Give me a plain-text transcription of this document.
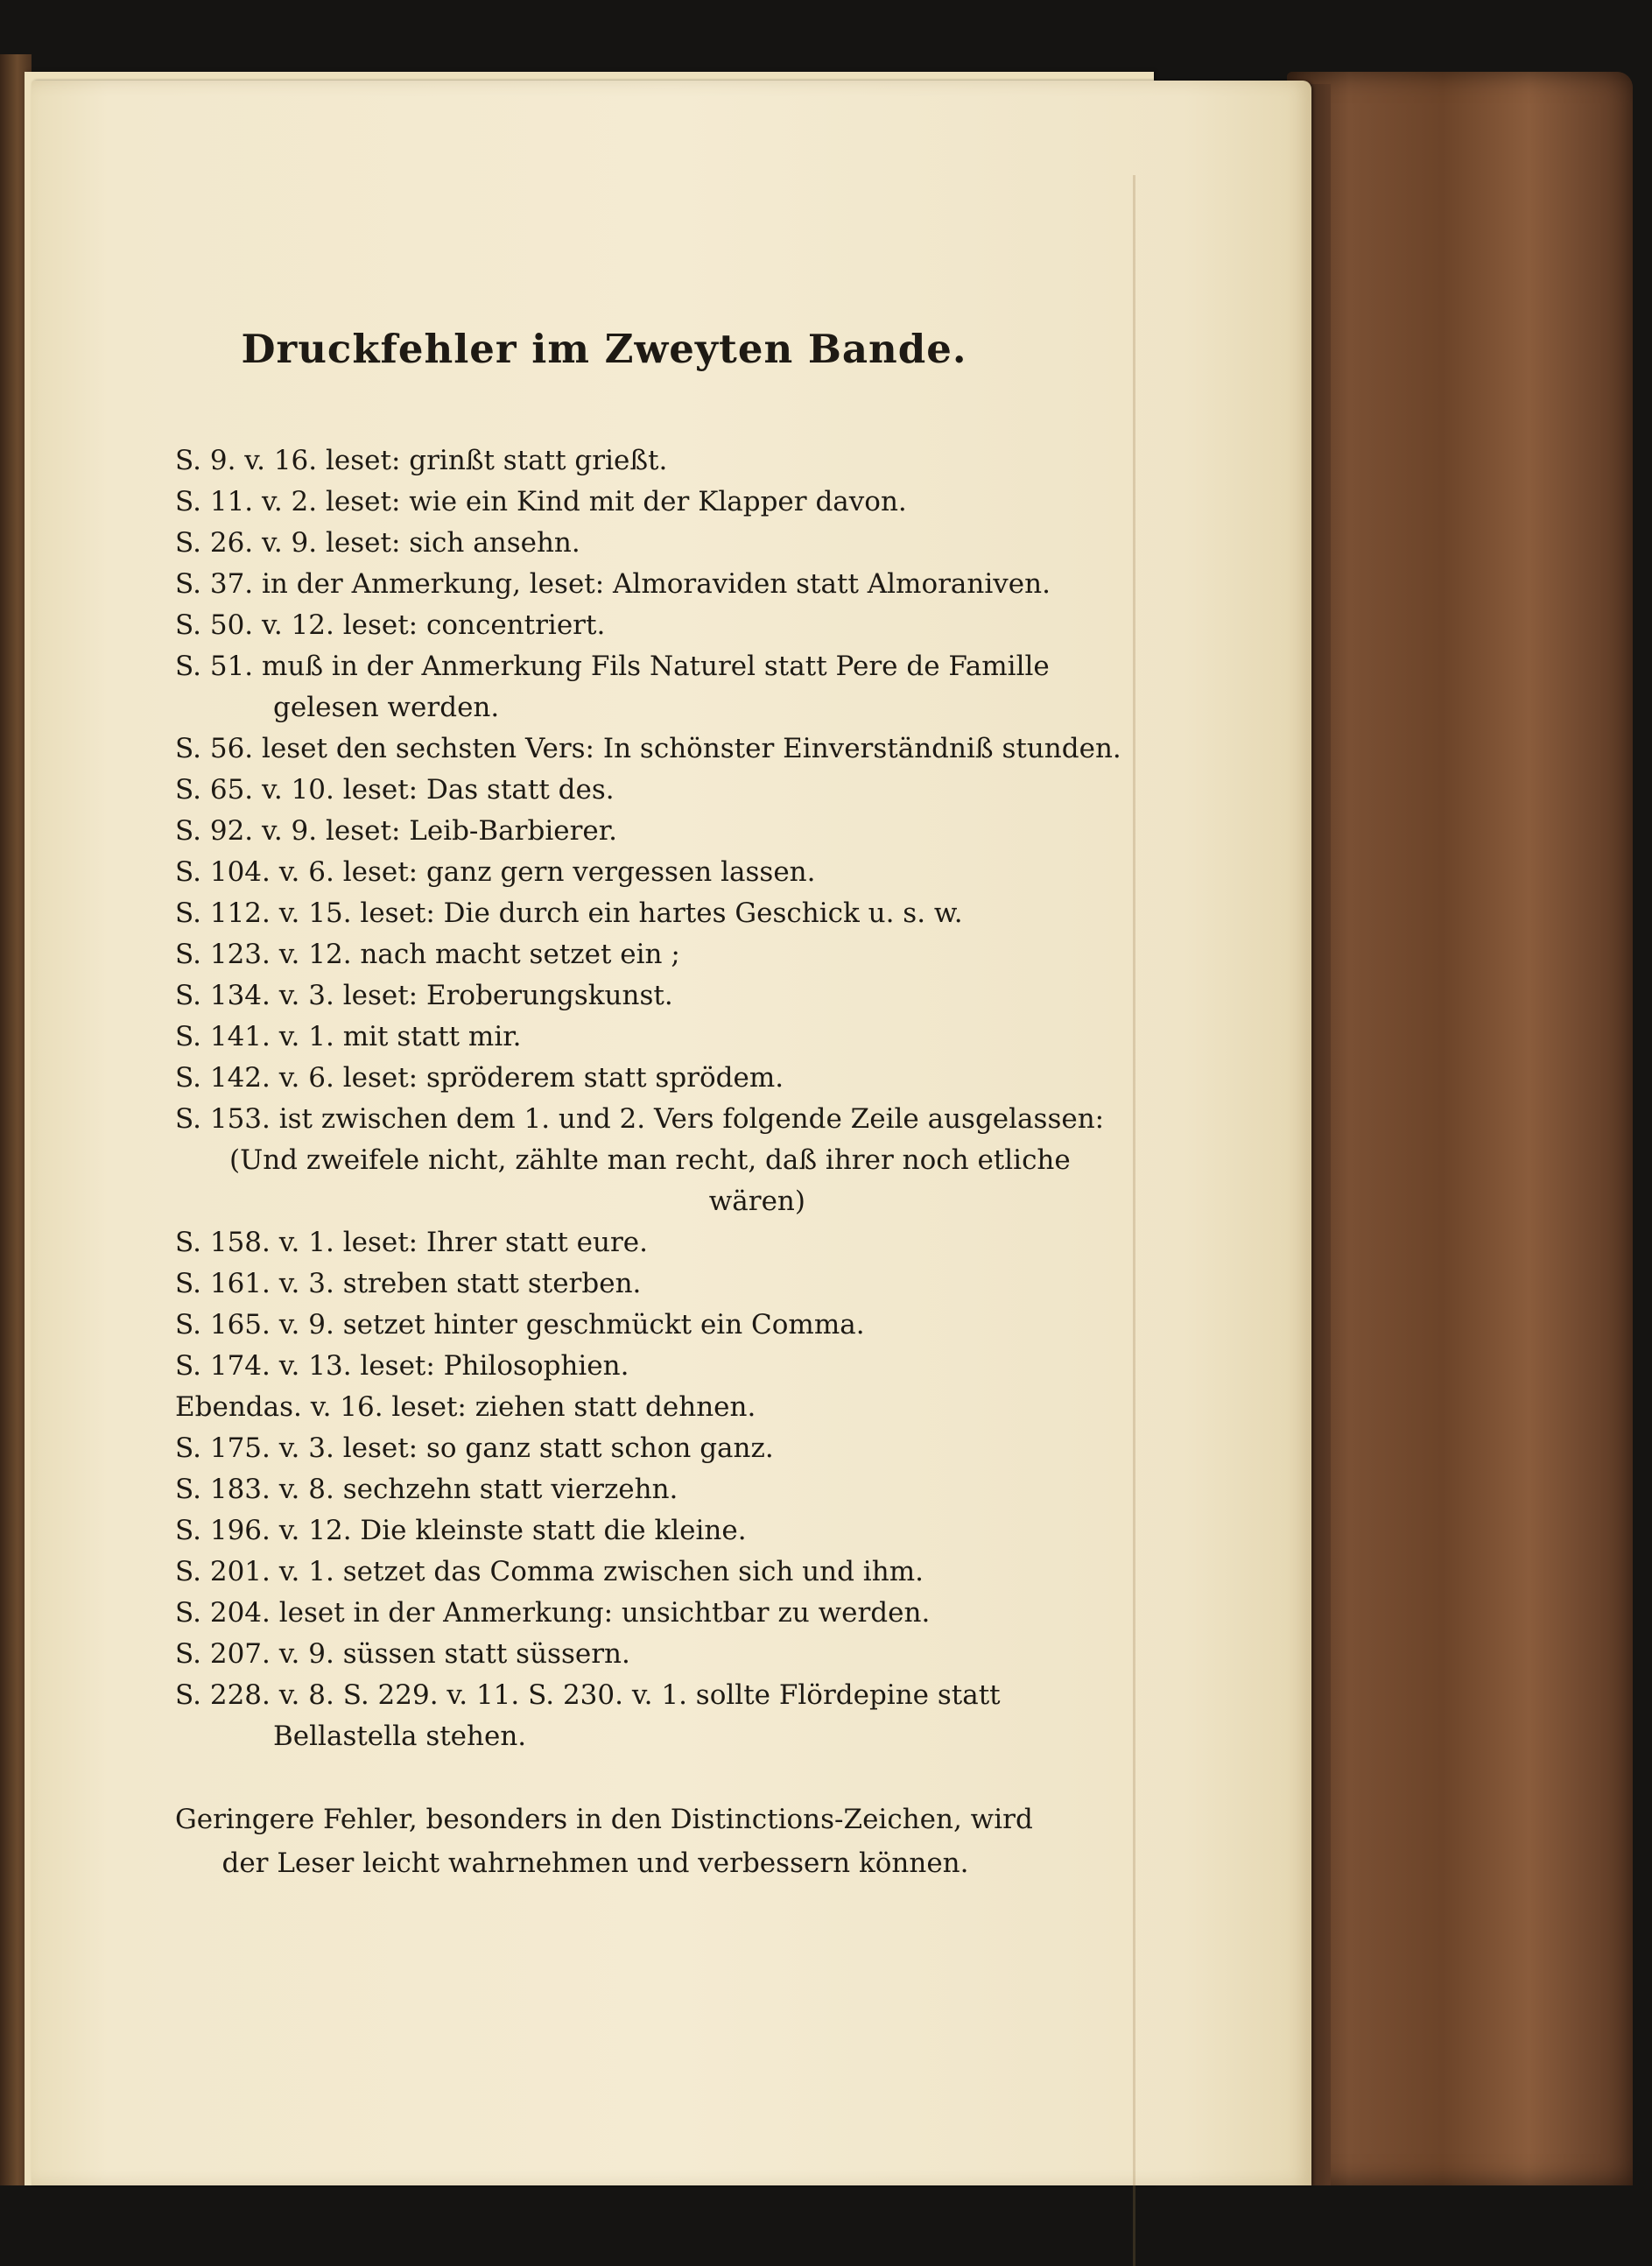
Druckfehler im Zweyten Bande.
S. 9. v. 16. leset: grinßt statt grießt.
S. 11. v. 2. leset: wie ein Kind mit der Klapper davon.
S. 26. v. 9. leset: sich ansehn.
S. 37. in der Anmerkung, leset: Almoraviden statt Almoraniven.
S. 50. v. 12. leset: concentriert.
S. 51. muß in der Anmerkung Fils Naturel statt Pere de Famille
gelesen werden.
S. 56. leset den sechsten Vers: In schönster Einverständniß stunden.
S. 65. v. 10. leset: Das statt des.
S. 92. v. 9. leset: Leib-Barbierer.
S. 104. v. 6. leset: ganz gern vergessen lassen.
S. 112. v. 15. leset: Die durch ein hartes Geschick u. s. w.
S. 123. v. 12. nach macht setzet ein ;
S. 134. v. 3. leset: Eroberungskunst.
S. 141. v. 1. mit statt mir.
S. 142. v. 6. leset: spröderem statt sprödem.
S. 153. ist zwischen dem 1. und 2. Vers folgende Zeile ausgelassen:
(Und zweifele nicht, zählte man recht, daß ihrer noch etliche
wären)
S. 158. v. 1. leset: Ihrer statt eure.
S. 161. v. 3. streben statt sterben.
S. 165. v. 9. setzet hinter geschmückt ein Comma.
S. 174. v. 13. leset: Philosophien.
Ebendas. v. 16. leset: ziehen statt dehnen.
S. 175. v. 3. leset: so ganz statt schon ganz.
S. 183. v. 8. sechzehn statt vierzehn.
S. 196. v. 12. Die kleinste statt die kleine.
S. 201. v. 1. setzet das Comma zwischen sich und ihm.
S. 204. leset in der Anmerkung: unsichtbar zu werden.
S. 207. v. 9. süssen statt süssern.
S. 228. v. 8. S. 229. v. 11. S. 230. v. 1. sollte Flördepine statt
Bellastella stehen.
Geringere Fehler, besonders in den Distinctions-Zeichen, wird
der Leser leicht wahrnehmen und verbessern können.
